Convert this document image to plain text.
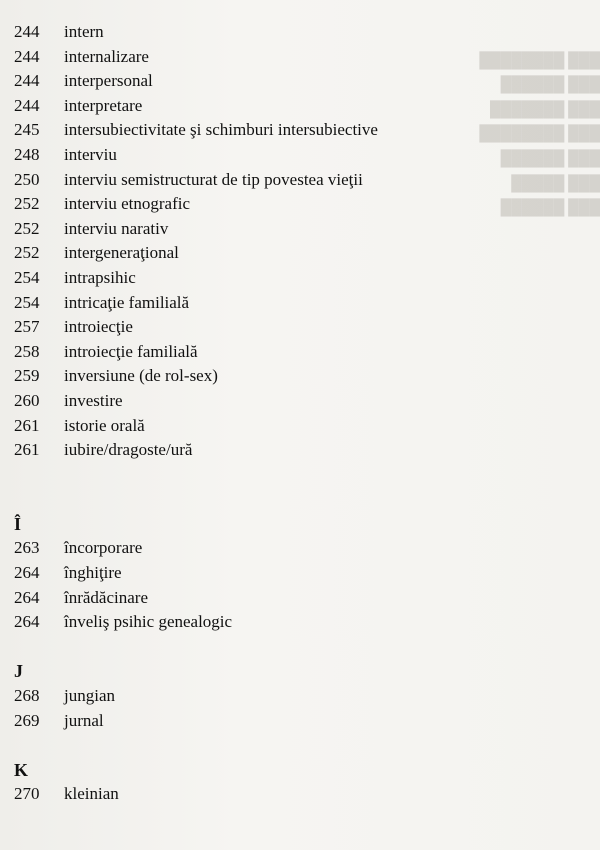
███ ████████
███ ██████
███ ███████
███ ████████
███ ██████
███ █████
███ ██████
244	intern
244	internalizare
244	interpersonal
244	interpretare
245	intersubiectivitate şi schimburi intersubiective
248	interviu
250	interviu semistructurat de tip povestea vieţii
252	interviu etnografic
252	interviu narativ
252	intergeneraţional
254	intrapsihic
254	intricaţie familială
257	introiecţie
258	introiecţie familială
259	inversiune (de rol-sex)
260	investire
261	istorie orală
261	iubire/dragoste/ură
Î
263	încorporare
264	înghiţire
264	înrădăcinare
264	înveliş psihic genealogic
J
268	jungian
269	jurnal
K
270	kleinian
